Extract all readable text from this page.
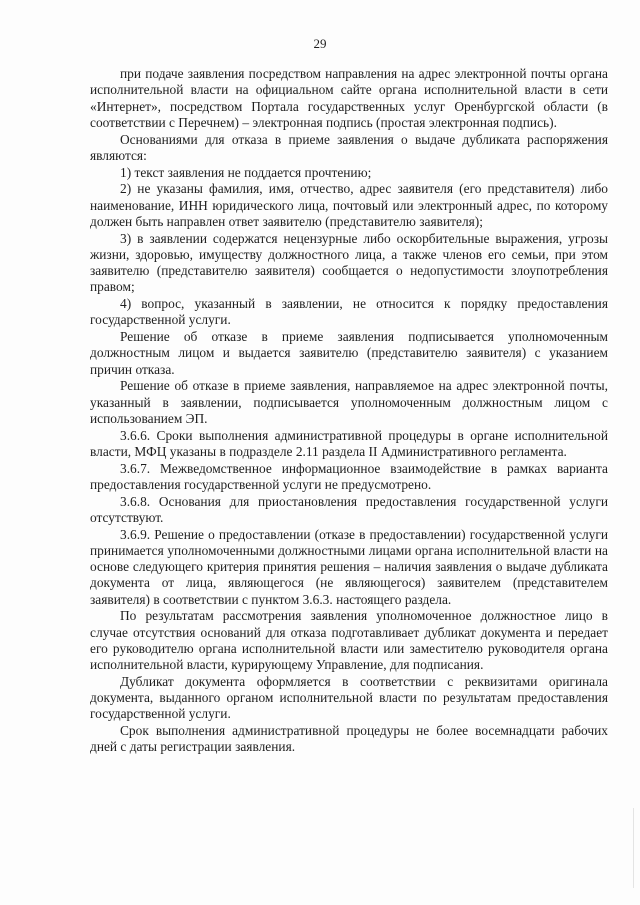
29

при подаче заявления посредством направления на адрес электронной почты органа исполнительной власти на официальном сайте органа исполнительной власти в сети «Интернет», посредством Портала государственных услуг Оренбургской области (в соответствии с Перечнем) – электронная подпись (простая электронная подпись).

Основаниями для отказа в приеме заявления о выдаче дубликата распоряжения являются:

1) текст заявления не поддается прочтению;

2) не указаны фамилия, имя, отчество, адрес заявителя (его представителя) либо наименование, ИНН юридического лица, почтовый или электронный адрес, по которому должен быть направлен ответ заявителю (представителю заявителя);

3) в заявлении содержатся нецензурные либо оскорбительные выражения, угрозы жизни, здоровью, имуществу должностного лица, а также членов его семьи, при этом заявителю (представителю заявителя) сообщается о недопустимости злоупотребления правом;

4) вопрос, указанный в заявлении, не относится к порядку предоставления государственной услуги.

Решение об отказе в приеме заявления подписывается уполномоченным должностным лицом и выдается заявителю (представителю заявителя) с указанием причин отказа.

Решение об отказе в приеме заявления, направляемое на адрес электронной почты, указанный в заявлении, подписывается уполномоченным должностным лицом с использованием ЭП.

3.6.6. Сроки выполнения административной процедуры в органе исполнительной власти, МФЦ указаны в подразделе 2.11 раздела II Административного регламента.

3.6.7. Межведомственное информационное взаимодействие в рамках варианта предоставления государственной услуги не предусмотрено.

3.6.8. Основания для приостановления предоставления государственной услуги отсутствуют.

3.6.9. Решение о предоставлении (отказе в предоставлении) государственной услуги принимается уполномоченными должностными лицами органа исполнительной власти на основе следующего критерия принятия решения – наличия заявления о выдаче дубликата документа от лица, являющегося (не являющегося) заявителем (представителем заявителя) в соответствии с пунктом 3.6.3. настоящего раздела.

По результатам рассмотрения заявления уполномоченное должностное лицо в случае отсутствия оснований для отказа подготавливает дубликат документа и передает его руководителю органа исполнительной власти или заместителю руководителя органа исполнительной власти, курирующему Управление, для подписания.

Дубликат документа оформляется в соответствии с реквизитами оригинала документа, выданного органом исполнительной власти по результатам предоставления государственной услуги.

Срок выполнения административной процедуры не более восемнадцати рабочих дней с даты регистрации заявления.
